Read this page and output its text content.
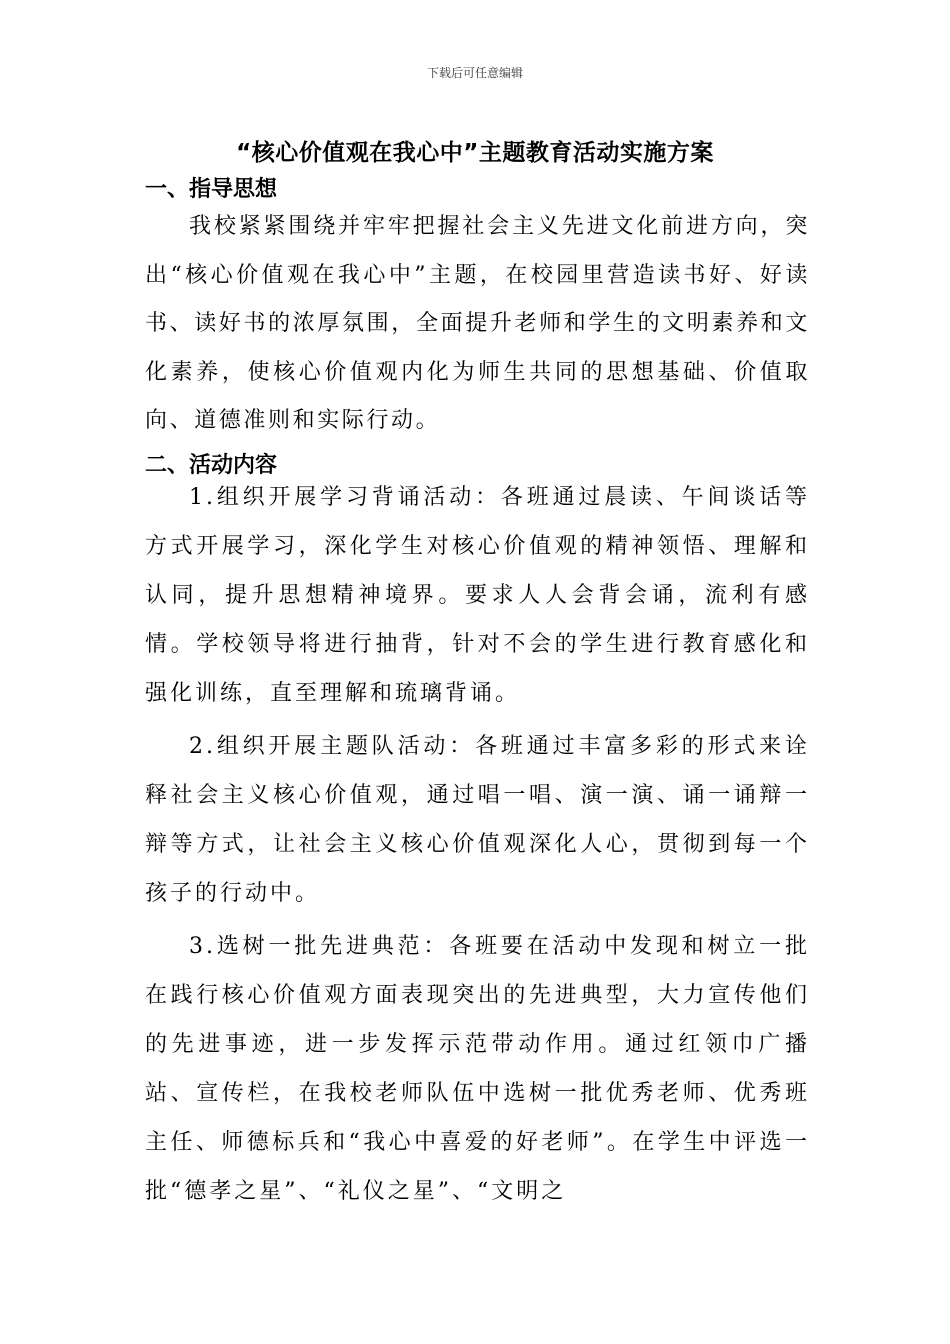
下载后可任意编辑
“核心价值观在我心中”主题教育活动实施方案
一、指导思想

我校紧紧围绕并牢牢把握社会主义先进文化前进方向，突出“核心价值观在我心中”主题，在校园里营造读书好、好读书、读好书的浓厚氛围，全面提升老师和学生的文明素养和文化素养，使核心价值观内化为师生共同的思想基础、价值取向、道德准则和实际行动。

二、活动内容

1.组织开展学习背诵活动：各班通过晨读、午间谈话等方式开展学习，深化学生对核心价值观的精神领悟、理解和认同，提升思想精神境界。要求人人会背会诵，流利有感情。学校领导将进行抽背，针对不会的学生进行教育感化和强化训练，直至理解和琉璃背诵。

2.组织开展主题队活动：各班通过丰富多彩的形式来诠释社会主义核心价值观，通过唱一唱、演一演、诵一诵辩一辩等方式，让社会主义核心价值观深化人心，贯彻到每一个孩子的行动中。

3.选树一批先进典范：各班要在活动中发现和树立一批在践行核心价值观方面表现突出的先进典型，大力宣传他们的先进事迹，进一步发挥示范带动作用。通过红领巾广播站、宣传栏，在我校老师队伍中选树一批优秀老师、优秀班主任、师德标兵和“我心中喜爱的好老师”。在学生中评选一批“德孝之星”、“礼仪之星”、“文明之
